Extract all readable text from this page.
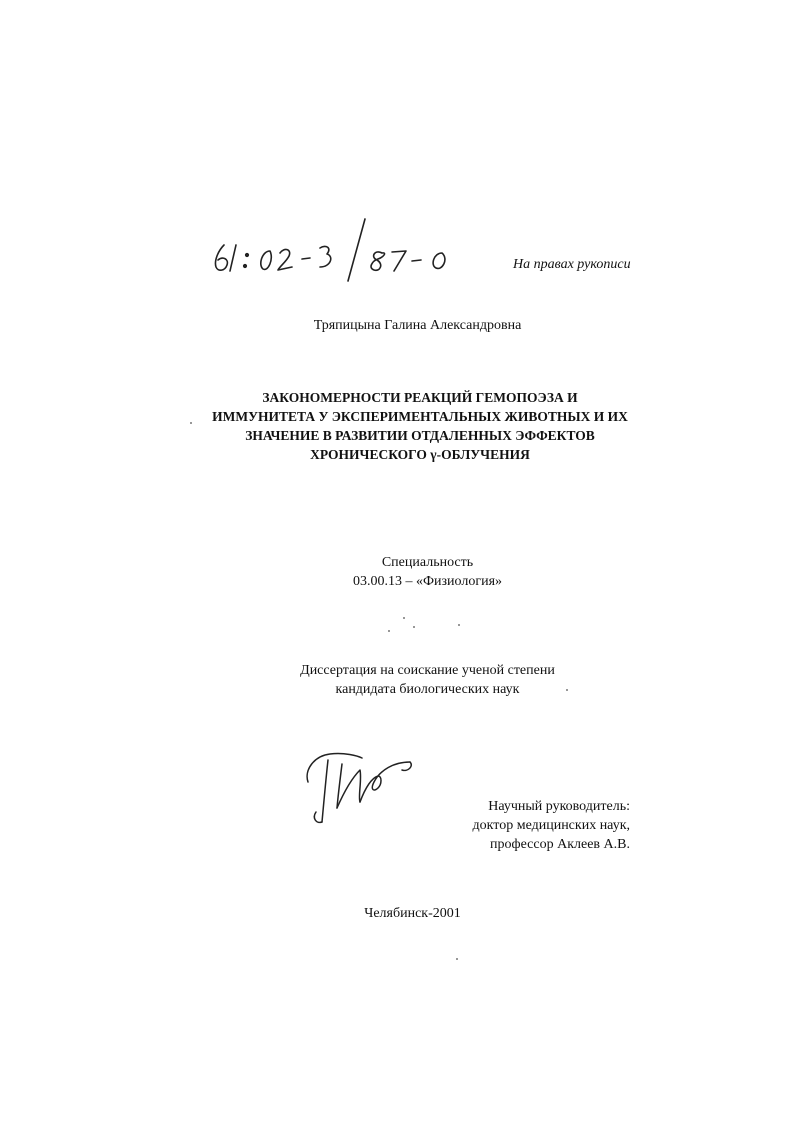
На правах рукописи
Тряпицына Галина Александровна
ЗАКОНОМЕРНОСТИ РЕАКЦИЙ ГЕМОПОЭЗА И
ИММУНИТЕТА У ЭКСПЕРИМЕНТАЛЬНЫХ ЖИВОТНЫХ И ИХ
ЗНАЧЕНИЕ В РАЗВИТИИ ОТДАЛЕННЫХ ЭФФЕКТОВ
ХРОНИЧЕСКОГО γ-ОБЛУЧЕНИЯ
Специальность
03.00.13 – «Физиология»
Диссертация на соискание ученой степени
кандидата биологических наук
Научный руководитель:
доктор медицинских наук,
профессор Аклеев А.В.
Челябинск-2001
